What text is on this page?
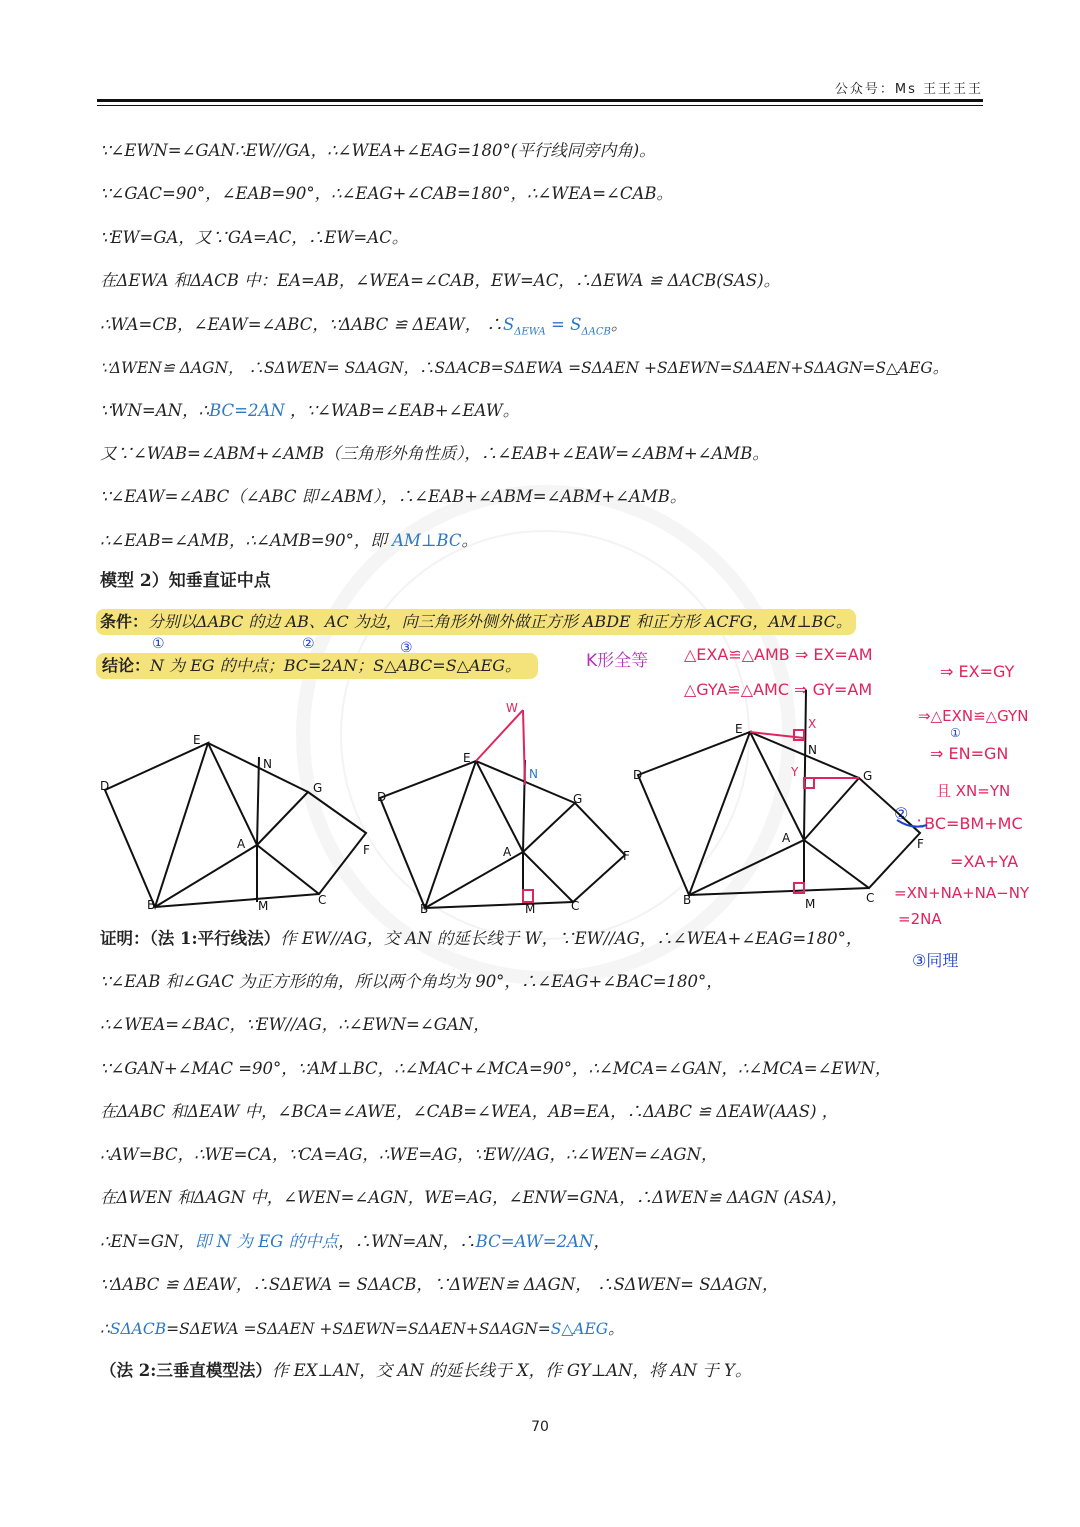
公众号：Ms 王王王王
∵∠EWN=∠GAN∴EW//GA，∴∠WEA+∠EAG=180°(平行线同旁内角)。
∵∠GAC=90°，∠EAB=90°，∴∠EAG+∠CAB=180°，∴∠WEA=∠CAB。
∵EW=GA，又∵GA=AC，∴EW=AC。
在ΔEWA 和ΔACB 中：EA=AB，∠WEA=∠CAB，EW=AC，∴ΔEWA ≌ ΔACB(SAS)。
∴WA=CB，∠EAW=∠ABC，∵ΔABC ≌ ΔEAW， $\therefore S_{\Delta EWA} = S_{\Delta ACB}$。
∵ΔWEN≌ ΔAGN， ∴SΔWEN= SΔAGN，∴SΔACB=SΔEWA =SΔAEN +SΔEWN=SΔAEN+SΔAGN=S△AEG。
∵WN=AN，∴BC=2AN ，∵∠WAB=∠EAB+∠EAW。
又∵∠WAB=∠ABM+∠AMB（三角形外角性质），∴∠EAB+∠EAW=∠ABM+∠AMB。
∵∠EAW=∠ABC（∠ABC 即∠ABM），∴∠EAB+∠ABM=∠ABM+∠AMB。
∴∠EAB=∠AMB，∴∠AMB=90°，即 AM⊥BC。
模型 2）知垂直证中点
条件：分别以ΔABC 的边 AB、AC 为边，向三角形外侧外做正方形 ABDE 和正方形 ACFG，AM⊥BC。
结论：N 为 EG 的中点；BC=2AN；S△ABC=S△AEG。
①	②	③
K形全等 △EXA≌△AMB ⇒ EX=AM
△GYA≌△AMC ⇒ GY=AM
⇒ EX=GY
⇒△EXN≌△GYN
①
⇒ EN=GN
且 XN=YN
②
∴BC=BM+MC
=XA+YA
=XN+NA+NA−NY
=2NA
③同理
E
N
D	G
A	F
B	M	C
W
E
N
D	G
A	F
B	M	C
E	X
N
D	Y	G
A	F
B	M	C
证明：（法 1:平行线法）作 EW//AG，交 AN 的延长线于 W，∵EW//AG，∴∠WEA+∠EAG=180°，
∵∠EAB 和∠GAC 为正方形的角，所以两个角均为 90°，∴∠EAG+∠BAC=180°，
∴∠WEA=∠BAC，∵EW//AG，∴∠EWN=∠GAN，
∵∠GAN+∠MAC =90°，∵AM⊥BC，∴∠MAC+∠MCA=90°，∴∠MCA=∠GAN，∴∠MCA=∠EWN，
在ΔABC 和ΔEAW 中，∠BCA=∠AWE，∠CAB=∠WEA，AB=EA，∴ΔABC ≌ ΔEAW(AAS) ，
∴AW=BC，∴WE=CA，∵CA=AG，∴WE=AG，∵EW//AG，∴∠WEN=∠AGN，
在ΔWEN 和ΔAGN 中，∠WEN=∠AGN，WE=AG，∠ENW=GNA，∴ΔWEN≌ ΔAGN (ASA)，
∴EN=GN，即 N 为 EG 的中点，∴WN=AN，∴BC=AW=2AN，
∵ΔABC ≌ ΔEAW，∴SΔEWA = SΔACB，∵ΔWEN≌ ΔAGN， ∴SΔWEN= SΔAGN，
∴SΔACB=SΔEWA =SΔAEN +SΔEWN=SΔAEN+SΔAGN=S△AEG。
（法 2:三垂直模型法）作 EX⊥AN，交 AN 的延长线于 X，作 GY⊥AN，将 AN 于 Y。
70
